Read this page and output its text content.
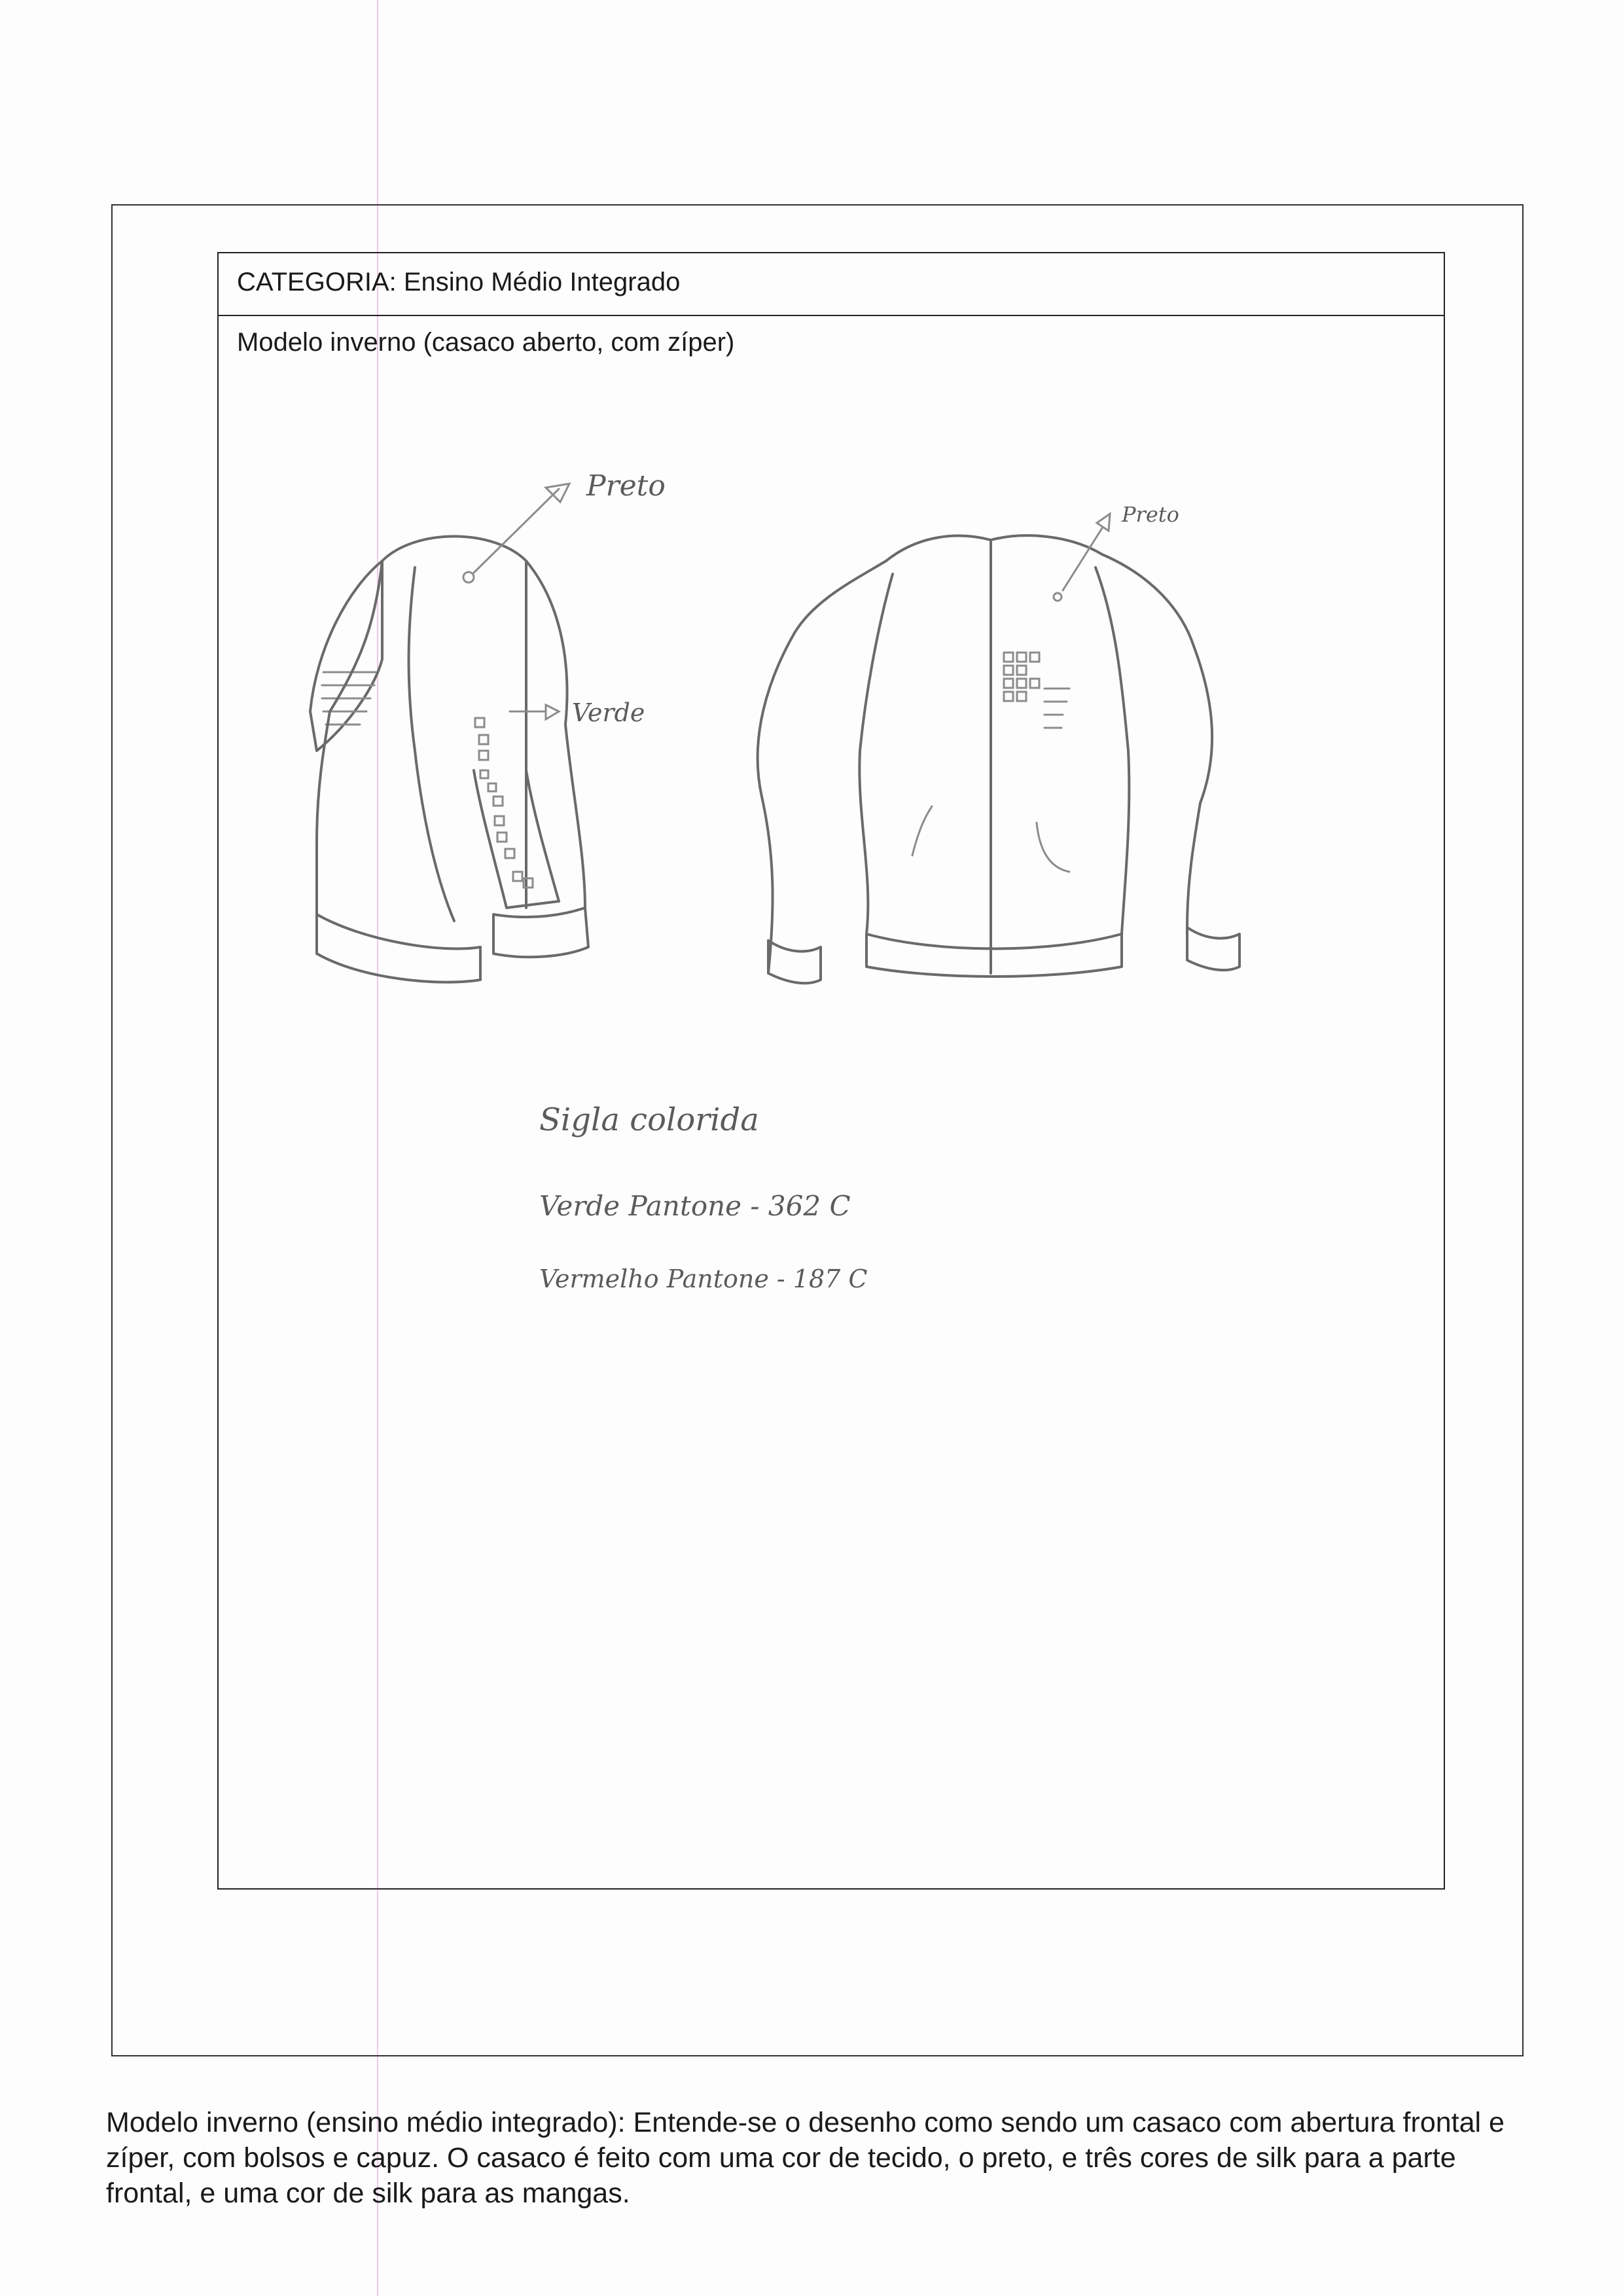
CATEGORIA: Ensino Médio Integrado
Modelo inverno (casaco aberto, com zíper)
Preto
Verde
Preto
Sigla colorida
Verde Pantone - 362 C
Vermelho Pantone - 187 C
Modelo inverno (ensino médio integrado): Entende-se o desenho como sendo um casaco com abertura frontal e zíper, com bolsos e capuz. O casaco é feito com uma cor de tecido, o preto, e três cores de silk para a parte frontal, e uma cor de silk para as mangas.
